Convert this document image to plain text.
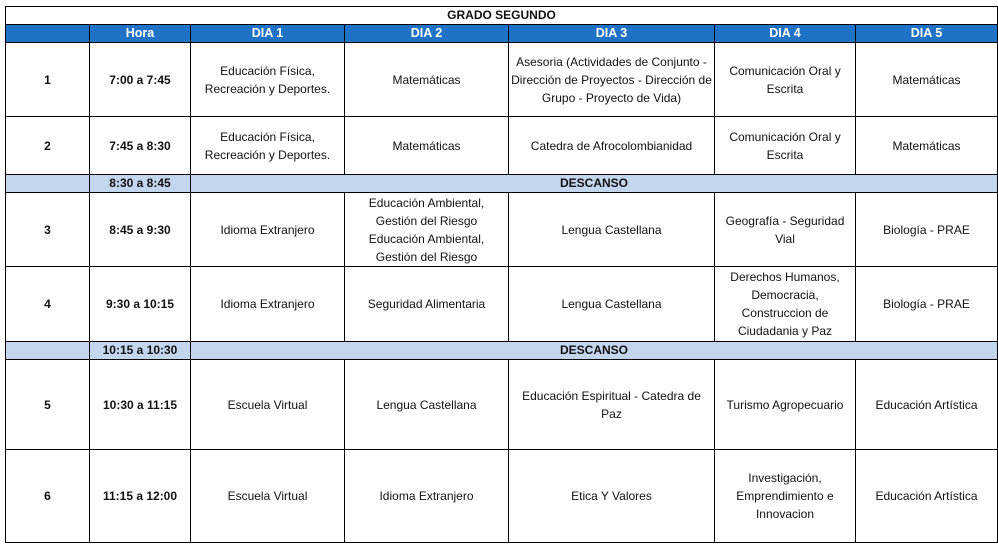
GRADO SEGUNDO						
	Hora	DIA 1	DIA 2	DIA 3	DIA 4	DIA 5
1	7:00 a 7:45	Educación Física, Recreación y Deportes.	Matemáticas	Asesoria (Actividades de Conjunto - Dirección de Proyectos - Dirección de Grupo - Proyecto de Vida)	Comunicación Oral y Escrita	Matemáticas
2	7:45 a 8:30	Educación Física, Recreación y Deportes.	Matemáticas	Catedra de Afrocolombianidad	Comunicación Oral y Escrita	Matemáticas
	8:30 a 8:45	DESCANSO				
3	8:45 a 9:30	Idioma Extranjero	Educación Ambiental, Gestión del Riesgo Educación Ambiental, Gestión del Riesgo	Lengua Castellana	Geografía - Seguridad Vial	Biología - PRAE
4	9:30 a 10:15	Idioma Extranjero	Seguridad Alimentaria	Lengua Castellana	Derechos Humanos, Democracia, Construccion de Ciudadania y Paz	Biología - PRAE
	10:15 a 10:30	DESCANSO				
5	10:30 a 11:15	Escuela Virtual	Lengua Castellana	Educación Espiritual - Catedra de Paz	Turismo Agropecuario	Educación Artística
6	11:15 a 12:00	Escuela Virtual	Idioma Extranjero	Etica Y Valores	Investigación, Emprendimiento e Innovacion	Educación Artística
